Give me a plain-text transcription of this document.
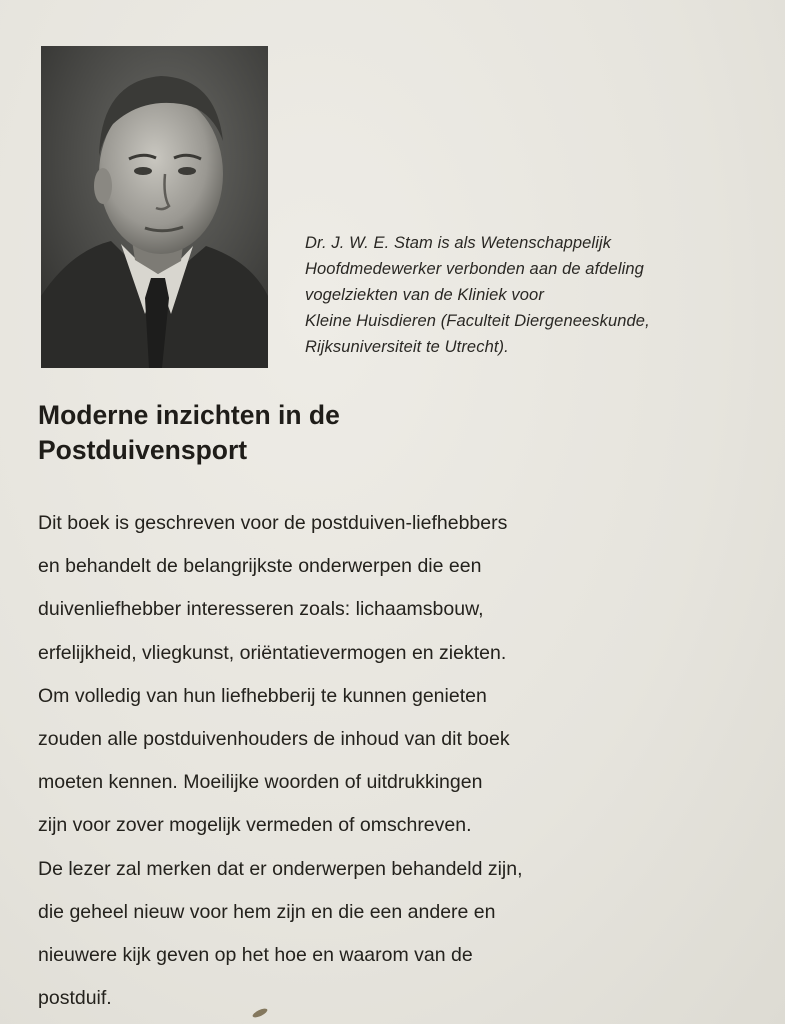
Dr. J. W. E. Stam is als Wetenschappelijk
Hoofdmedewerker verbonden aan de afdeling
vogelziekten van de Kliniek voor
Kleine Huisdieren (Faculteit Diergeneeskunde,
Rijksuniversiteit te Utrecht).
Moderne inzichten in de
Postduivensport
Dit boek is geschreven voor de postduiven-liefhebbers
en behandelt de belangrijkste onderwerpen die een
duivenliefhebber interesseren zoals: lichaamsbouw,
erfelijkheid, vliegkunst, oriëntatievermogen en ziekten.
Om volledig van hun liefhebberij te kunnen genieten
zouden alle postduivenhouders de inhoud van dit boek
moeten kennen. Moeilijke woorden of uitdrukkingen
zijn voor zover mogelijk vermeden of omschreven.
De lezer zal merken dat er onderwerpen behandeld zijn,
die geheel nieuw voor hem zijn en die een andere en
nieuwere kijk geven op het hoe en waarom van de
postduif.
